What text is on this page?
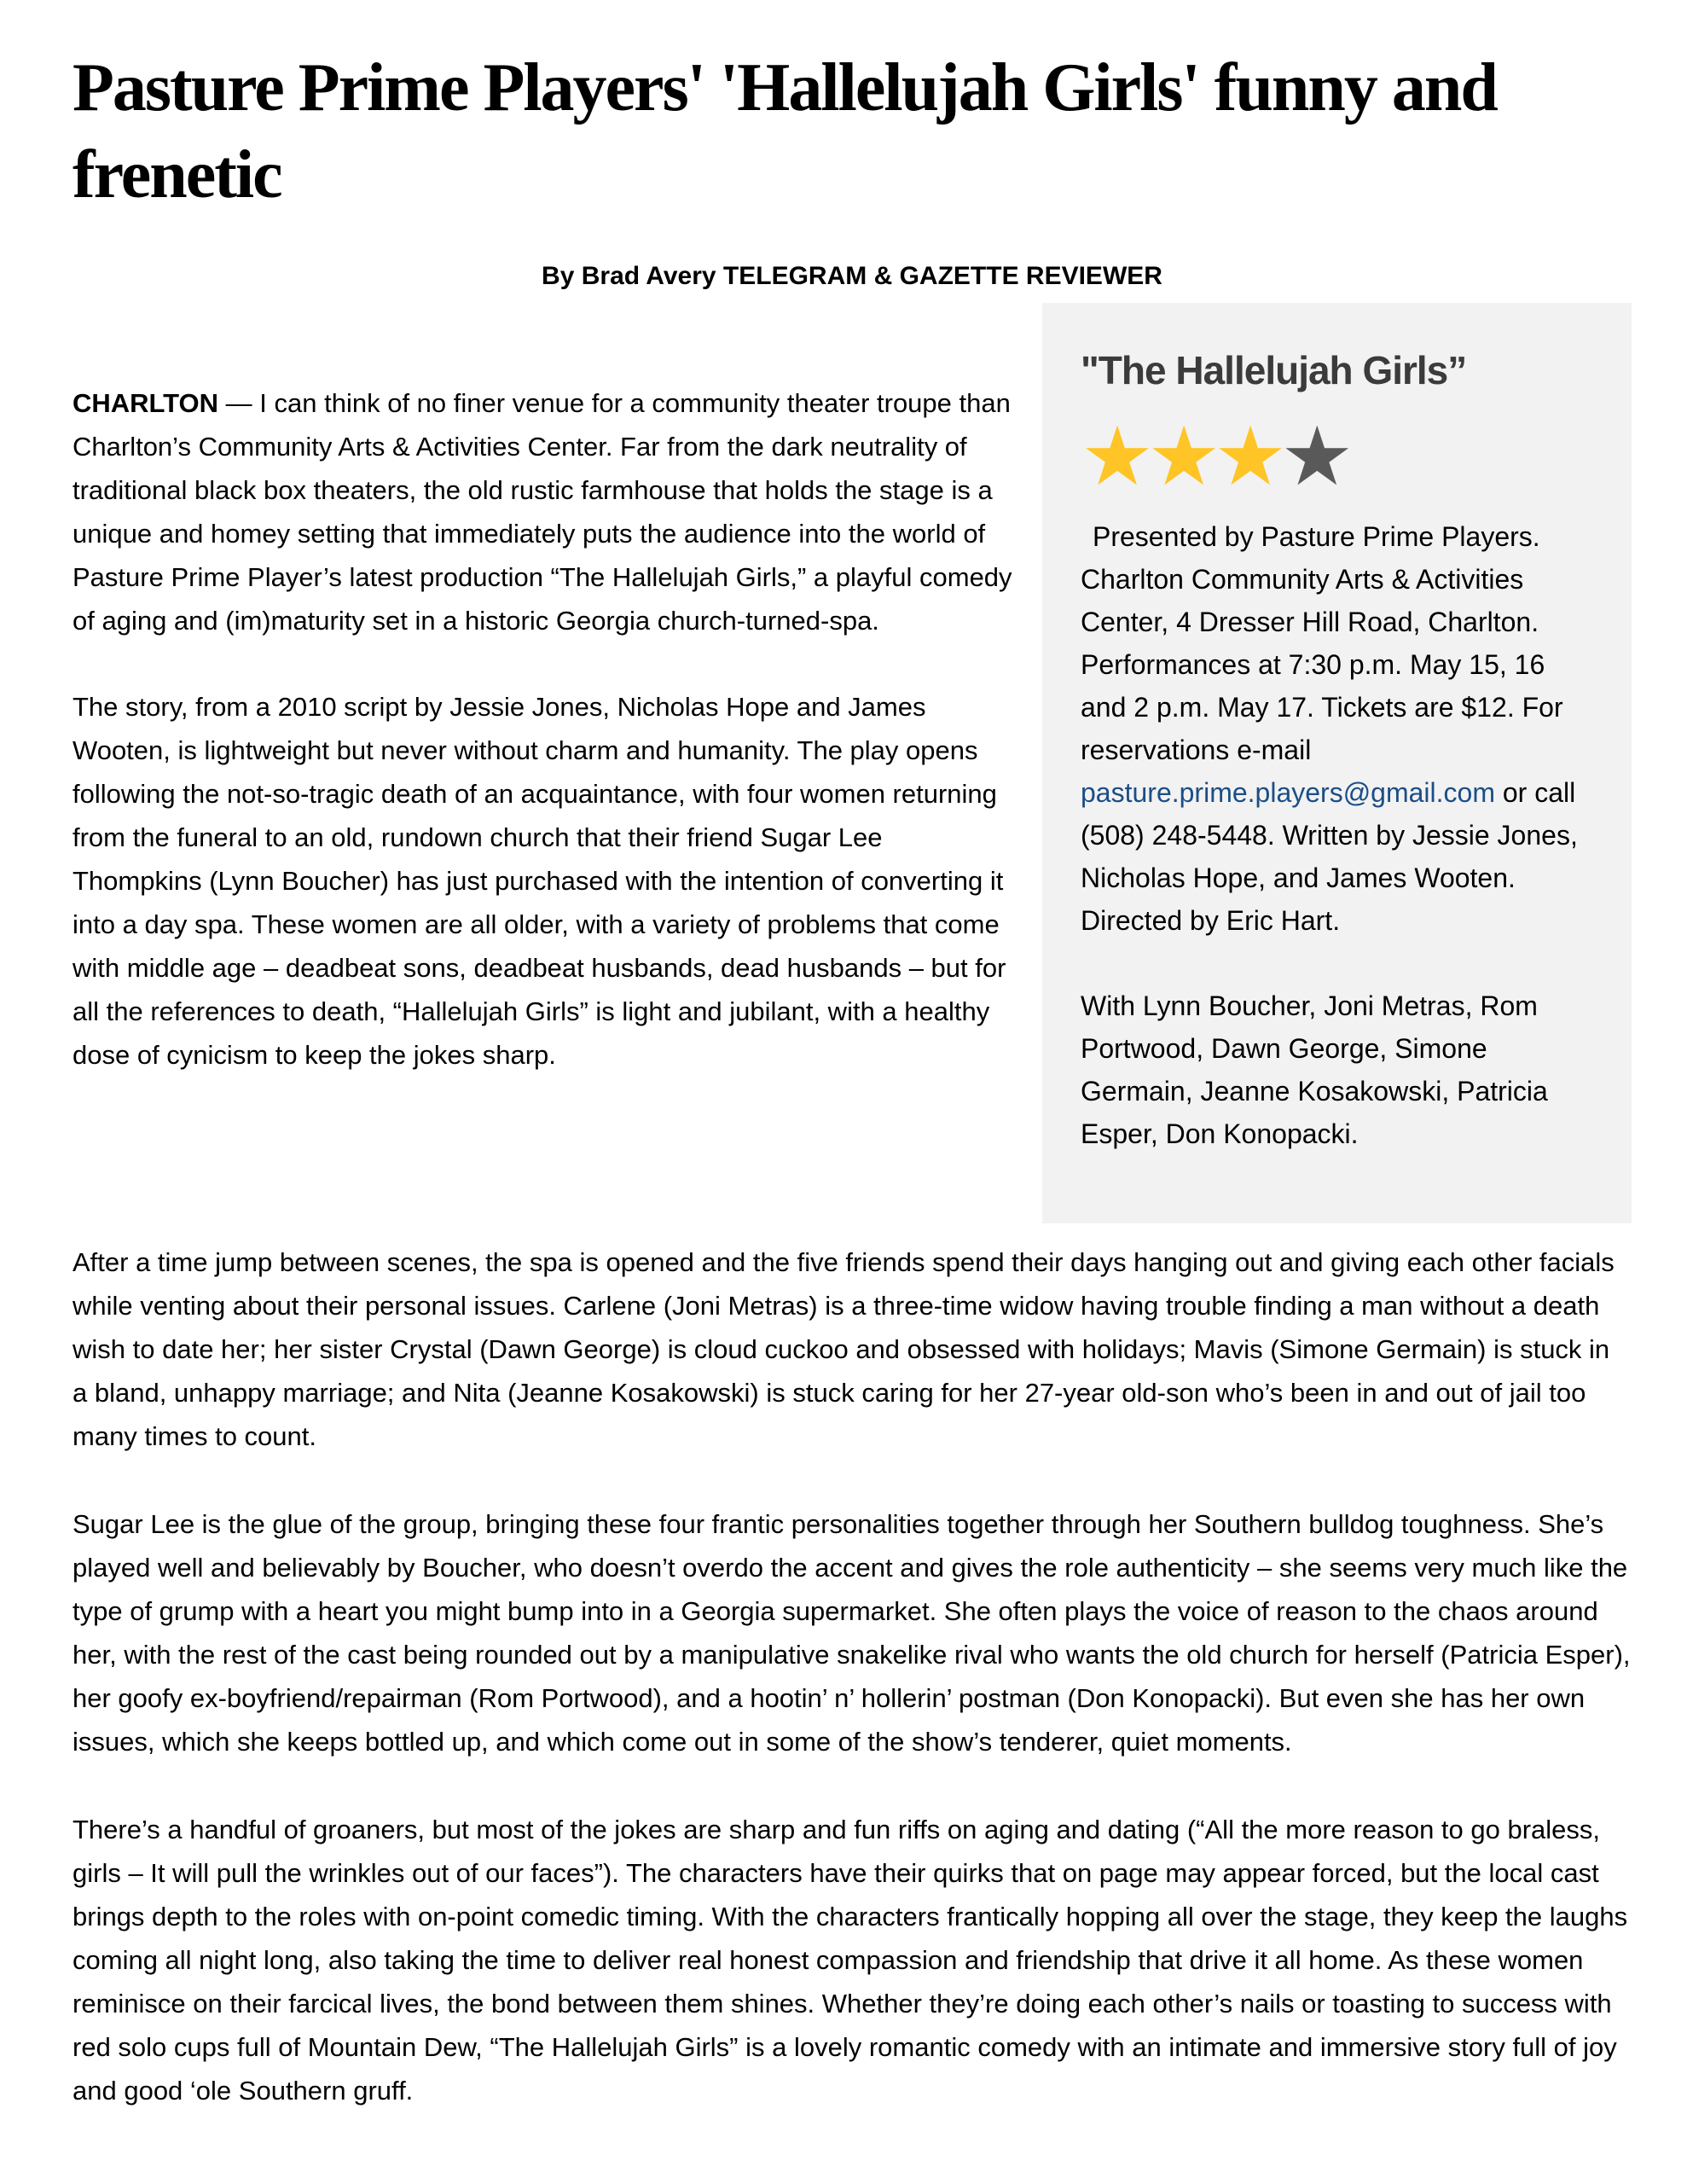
Pasture Prime Players' 'Hallelujah Girls' funny and frenetic
By Brad Avery TELEGRAM & GAZETTE REVIEWER

CHARLTON — I can think of no finer venue for a community theater troupe than Charlton’s Community Arts & Activities Center. Far from the dark neutrality of traditional black box theaters, the old rustic farmhouse that holds the stage is a unique and homey setting that immediately puts the audience into the world of Pasture Prime Player’s latest production “The Hallelujah Girls,” a playful comedy of aging and (im)maturity set in a historic Georgia church-turned-spa.

The story, from a 2010 script by Jessie Jones, Nicholas Hope and James Wooten, is lightweight but never without charm and humanity. The play opens following the not-so-tragic death of an acquaintance, with four women returning from the funeral to an old, rundown church that their friend Sugar Lee Thompkins (Lynn Boucher) has just purchased with the intention of converting it into a day spa. These women are all older, with a variety of problems that come with middle age – deadbeat sons, deadbeat husbands, dead husbands – but for all the references to death, “Hallelujah Girls” is light and jubilant, with a healthy dose of cynicism to keep the jokes sharp.

"The Hallelujah Girls”
★★★★

Presented by Pasture Prime Players. Charlton Community Arts & Activities Center, 4 Dresser Hill Road, Charlton. Performances at 7:30 p.m. May 15, 16 and 2 p.m. May 17. Tickets are $12. For reservations e-mail pasture.prime.players@gmail.com or call (508) 248-5448. Written by Jessie Jones, Nicholas Hope, and James Wooten. Directed by Eric Hart.

With Lynn Boucher, Joni Metras, Rom Portwood, Dawn George, Simone Germain, Jeanne Kosakowski, Patricia Esper, Don Konopacki.

After a time jump between scenes, the spa is opened and the five friends spend their days hanging out and giving each other facials while venting about their personal issues. Carlene (Joni Metras) is a three-time widow having trouble finding a man without a death wish to date her; her sister Crystal (Dawn George) is cloud cuckoo and obsessed with holidays; Mavis (Simone Germain) is stuck in a bland, unhappy marriage; and Nita (Jeanne Kosakowski) is stuck caring for her 27-year old-son who’s been in and out of jail too many times to count.

Sugar Lee is the glue of the group, bringing these four frantic personalities together through her Southern bulldog toughness. She’s played well and believably by Boucher, who doesn’t overdo the accent and gives the role authenticity – she seems very much like the type of grump with a heart you might bump into in a Georgia supermarket. She often plays the voice of reason to the chaos around her, with the rest of the cast being rounded out by a manipulative snakelike rival who wants the old church for herself (Patricia Esper), her goofy ex-boyfriend/repairman (Rom Portwood), and a hootin’ n’ hollerin’ postman (Don Konopacki). But even she has her own issues, which she keeps bottled up, and which come out in some of the show’s tenderer, quiet moments.

There’s a handful of groaners, but most of the jokes are sharp and fun riffs on aging and dating (“All the more reason to go braless, girls – It will pull the wrinkles out of our faces”). The characters have their quirks that on page may appear forced, but the local cast brings depth to the roles with on-point comedic timing. With the characters frantically hopping all over the stage, they keep the laughs coming all night long, also taking the time to deliver real honest compassion and friendship that drive it all home. As these women reminisce on their farcical lives, the bond between them shines. Whether they’re doing each other’s nails or toasting to success with red solo cups full of Mountain Dew, “The Hallelujah Girls” is a lovely romantic comedy with an intimate and immersive story full of joy and good ‘ole Southern gruff.
